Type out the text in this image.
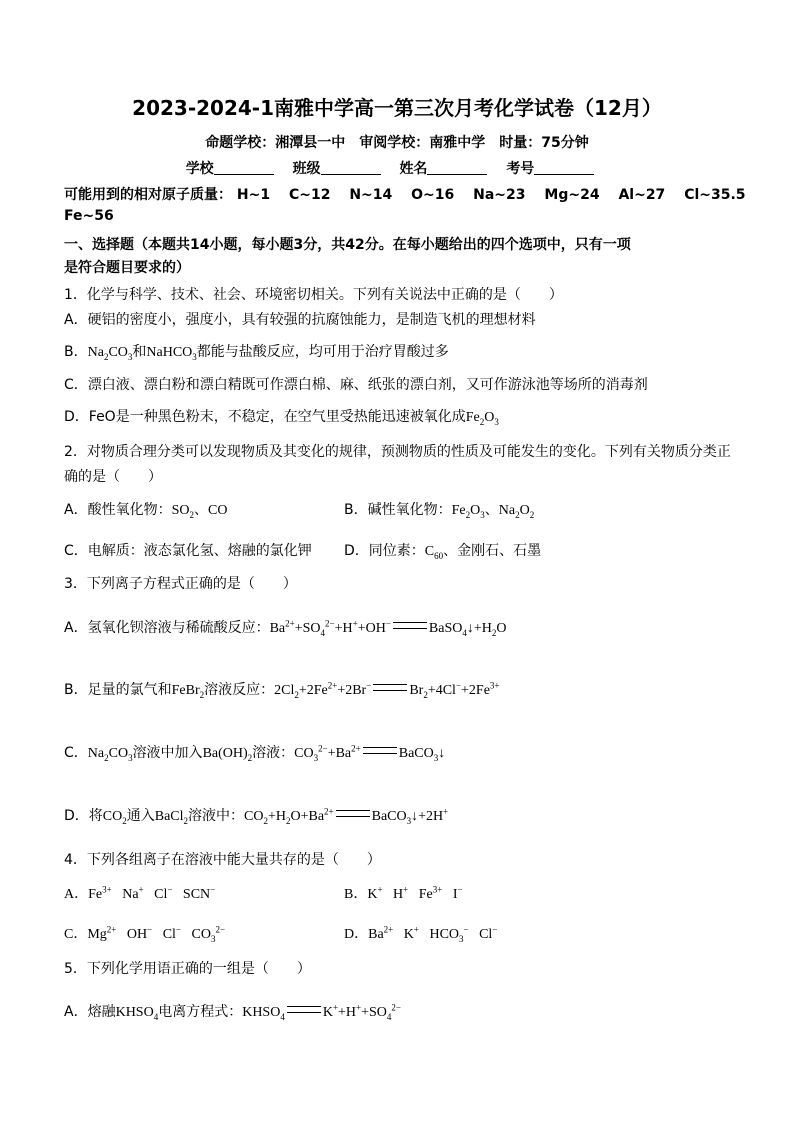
2023-2024-1南雅中学高一第三次月考化学试卷（12月）
命题学校：湘潭县一中　审阅学校：南雅中学　时量：75分钟
学校	班级	姓名	考号
可能用到的相对原子质量： H~1 C~12 N~14 O~16 Na~23 Mg~24 Al~27 Cl~35.5
Fe~56
一、选择题（本题共14小题，每小题3分，共42分。在每小题给出的四个选项中，只有一项
是符合题目要求的）
1．化学与科学、技术、社会、环境密切相关。下列有关说法中正确的是（　　）
A．硬铝的密度小，强度小，具有较强的抗腐蚀能力，是制造飞机的理想材料
B．$Na_2CO_3$和NaHCO$_3$都能与盐酸反应，均可用于治疗胃酸过多
C．漂白液、漂白粉和漂白精既可作漂白棉、麻、纸张的漂白剂，又可作游泳池等场所的消毒剂
D．FeO是一种黑色粉末，不稳定，在空气里受热能迅速被氧化成$Fe_2O_3$
2．对物质合理分类可以发现物质及其变化的规律，预测物质的性质及可能发生的变化。下列有关物质分类正
确的是（　　）
A．酸性氧化物：$SO_2$、CO	B．碱性氧化物：$Fe_2O_3$、$Na_2O_2$
C．电解质：液态氯化氢、熔融的氯化钾	D．同位素：$C_{60}$、金刚石、石墨
3．下列离子方程式正确的是（　　）
A．氢氧化钡溶液与稀硫酸反应：$Ba^{2+}+SO_4^{2-}+H^++OH^-$	$BaSO_4↓+H_2O$
B．足量的氯气和FeBr$_2$溶液反应：$2Cl_2+2Fe^{2+}+2Br^-$	$Br_2+4Cl^-+2Fe^{3+}$
C．$Na_2CO_3$溶液中加入$Ba(OH)_2$溶液：$CO_3^{2-}+Ba^{2+}$	BaCO$_3$↓
D．将$CO_2$通入BaCl$_2$溶液中：$CO_2+H_2O+Ba^{2+}$	BaCO$_3$↓+2H+
4．下列各组离子在溶液中能大量共存的是（　　）
A．$Fe^{3+}$   Na+   Cl−   SCN−	B．K+   H+   $Fe^{3+}$   I−
C．$Mg^{2+}$   OH−   Cl−   $CO_3^{2-}$	D．$Ba^{2+}$   K+   $HCO_3^-$   Cl−
5．下列化学用语正确的一组是（　　）
A．熔融$KHSO_4$电离方程式：$KHSO_4$	$K^++H^++SO_4^{2-}$
